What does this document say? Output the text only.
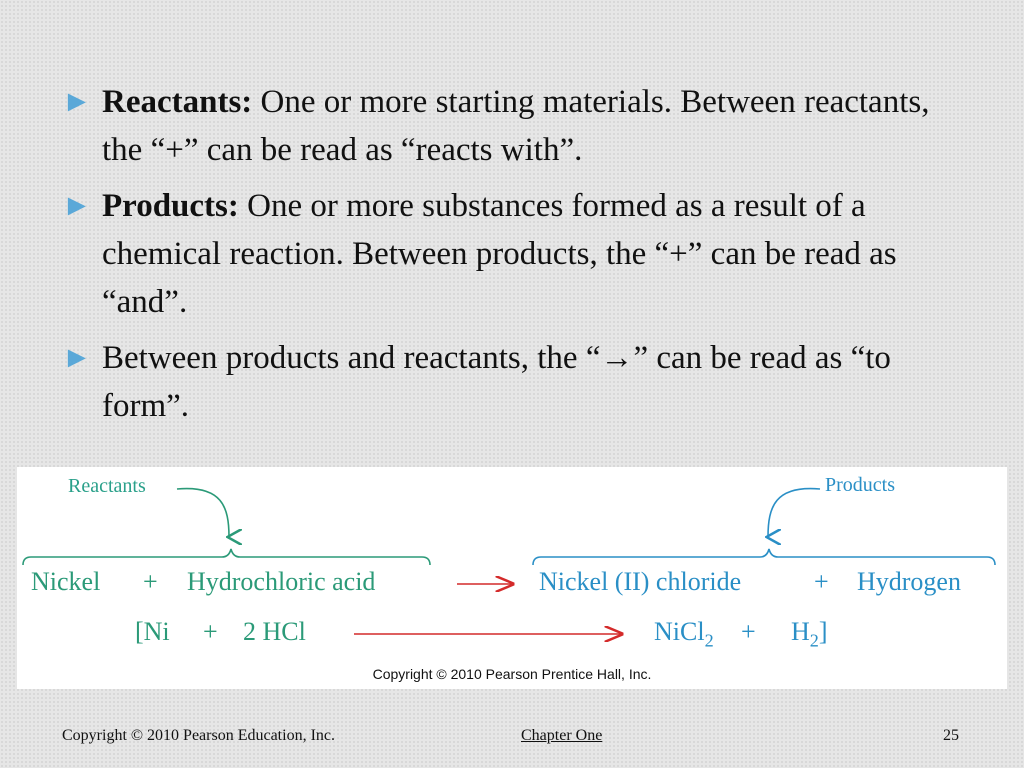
► Reactants: One or more starting materials. Between reactants, the “+” can be read as “reacts with”.
► Products: One or more substances formed as a result of a chemical reaction. Between products, the “+” can be read as “and”.
► Between products and reactants, the “→” can be read as “to form”.
Reactants	Products
Nickel + Hydrochloric acid	Nickel (II) chloride	+ Hydrogen
[Ni + 2 HCl	NiCl$_2$ + $H_2$]
Copyright © 2010 Pearson Prentice Hall, Inc.
Copyright © 2010 Pearson Education, Inc.	Chapter One	25
